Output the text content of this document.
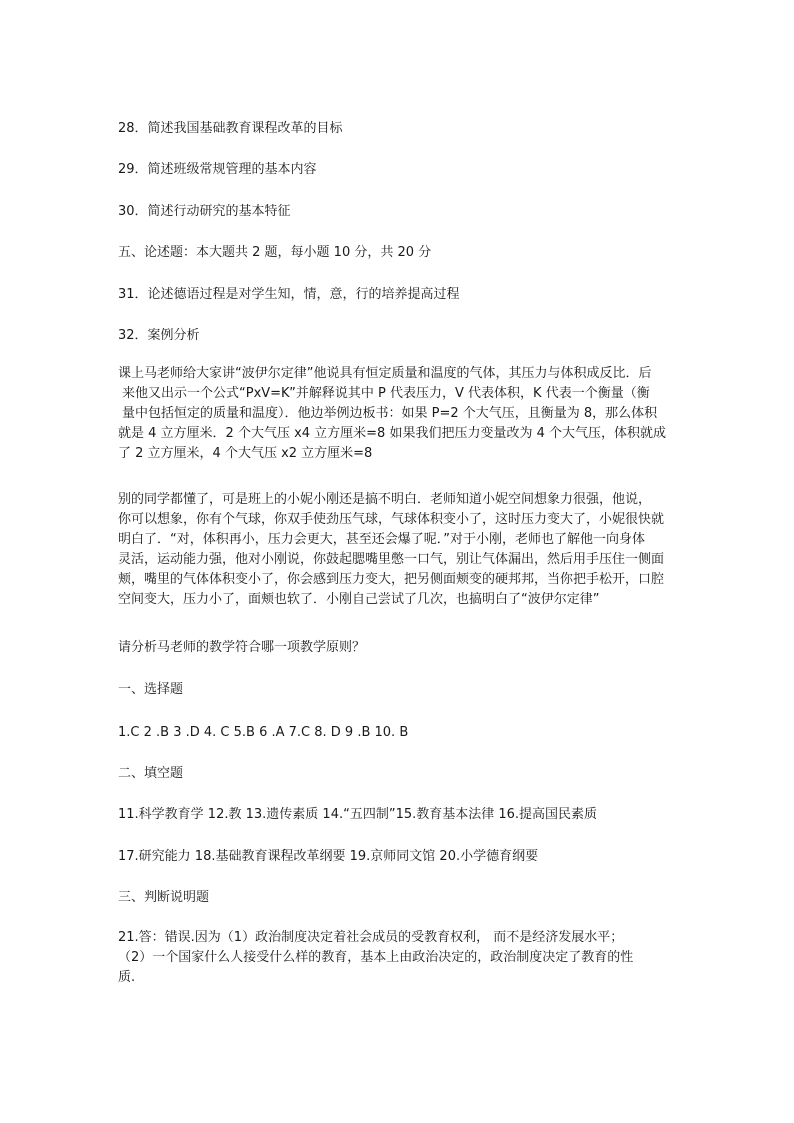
28．简述我国基础教育课程改革的目标

29．简述班级常规管理的基本内容

30．简述行动研究的基本特征

五、论述题：本大题共 2 题，每小题 10 分，共 20 分

31．论述德语过程是对学生知，情，意，行的培养提高过程

32．案例分析

课上马老师给大家讲“波伊尔定律”他说具有恒定质量和温度的气体，其压力与体积成反比．后
来他又出示一个公式“PxV=K”并解释说其中 P 代表压力，V 代表体积，K 代表一个衡量（衡
量中包括恒定的质量和温度）．他边举例边板书：如果 P=2 个大气压，且衡量为 8，那么体积
就是 4 立方厘米．2 个大气压 x4 立方厘米=8 如果我们把压力变量改为 4 个大气压，体积就成
了 2 立方厘米，4 个大气压 x2 立方厘米=8
别的同学都懂了，可是班上的小妮小刚还是搞不明白．老师知道小妮空间想象力很强，他说，
你可以想象，你有个气球，你双手使劲压气球，气球体积变小了，这时压力变大了，小妮很快就
明白了．“对，体积再小，压力会更大，甚至还会爆了呢．”对于小刚，老师也了解他一向身体
灵活，运动能力强，他对小刚说，你鼓起腮嘴里憋一口气，别让气体漏出，然后用手压住一侧面
颊，嘴里的气体体积变小了，你会感到压力变大，把另侧面颊变的硬邦邦，当你把手松开，口腔
空间变大，压力小了，面颊也软了．小刚自己尝试了几次，也搞明白了“波伊尔定律”

请分析马老师的教学符合哪一项教学原则？

一、选择题

1.C 2 .B 3 .D 4. C 5.B 6 .A 7.C 8. D 9 .B 10. B

二、填空题

11.科学教育学 12.教 13.遗传素质 14.“五四制”15.教育基本法律 16.提高国民素质

17.研究能力 18.基础教育课程改革纲要 19.京师同文馆 20.小学德育纲要

三、判断说明题

21.答：错误.因为（1）政治制度决定着社会成员的受教育权利， 而不是经济发展水平；
（2）一个国家什么人接受什么样的教育，基本上由政治决定的，政治制度决定了教育的性
质.
